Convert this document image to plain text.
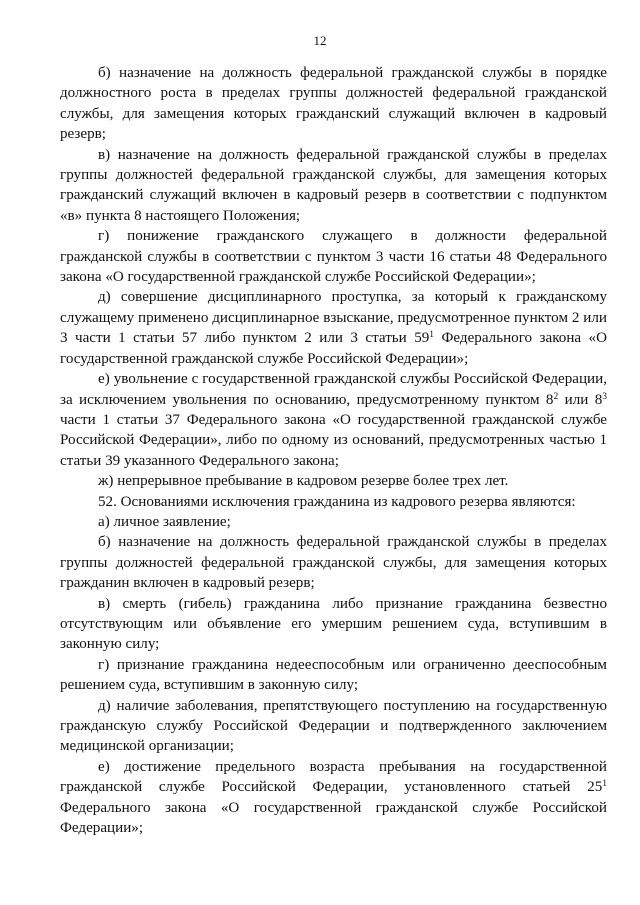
12

б) назначение на должность федеральной гражданской службы в порядке должностного роста в пределах группы должностей федеральной гражданской службы, для замещения которых гражданский служащий включен в кадровый резерв;

в) назначение на должность федеральной гражданской службы в пределах группы должностей федеральной гражданской службы, для замещения которых гражданский служащий включен в кадровый резерв в соответствии с подпунктом «в» пункта 8 настоящего Положения;

г) понижение гражданского служащего в должности федеральной гражданской службы в соответствии с пунктом 3 части 16 статьи 48 Федерального закона «О государственной гражданской службе Российской Федерации»;

д) совершение дисциплинарного проступка, за который к гражданскому служащему применено дисциплинарное взыскание, предусмотренное пунктом 2 или 3 части 1 статьи 57 либо пунктом 2 или 3 статьи $59^1$ Федерального закона «О государственной гражданской службе Российской Федерации»;

е) увольнение с государственной гражданской службы Российской Федерации, за исключением увольнения по основанию, предусмотренному пунктом $8^2$ или $8^3$ части 1 статьи 37 Федерального закона «О государственной гражданской службе Российской Федерации», либо по одному из оснований, предусмотренных частью 1 статьи 39 указанного Федерального закона;

ж) непрерывное пребывание в кадровом резерве более трех лет.

52. Основаниями исключения гражданина из кадрового резерва являются:

а) личное заявление;

б) назначение на должность федеральной гражданской службы в пределах группы должностей федеральной гражданской службы, для замещения которых гражданин включен в кадровый резерв;

в) смерть (гибель) гражданина либо признание гражданина безвестно отсутствующим или объявление его умершим решением суда, вступившим в законную силу;

г) признание гражданина недееспособным или ограниченно дееспособным решением суда, вступившим в законную силу;

д) наличие заболевания, препятствующего поступлению на государственную гражданскую службу Российской Федерации и подтвержденного заключением медицинской организации;

е) достижение предельного возраста пребывания на государственной гражданской службе Российской Федерации, установленного статьей $25^1$ Федерального закона «О государственной гражданской службе Российской Федерации»;
